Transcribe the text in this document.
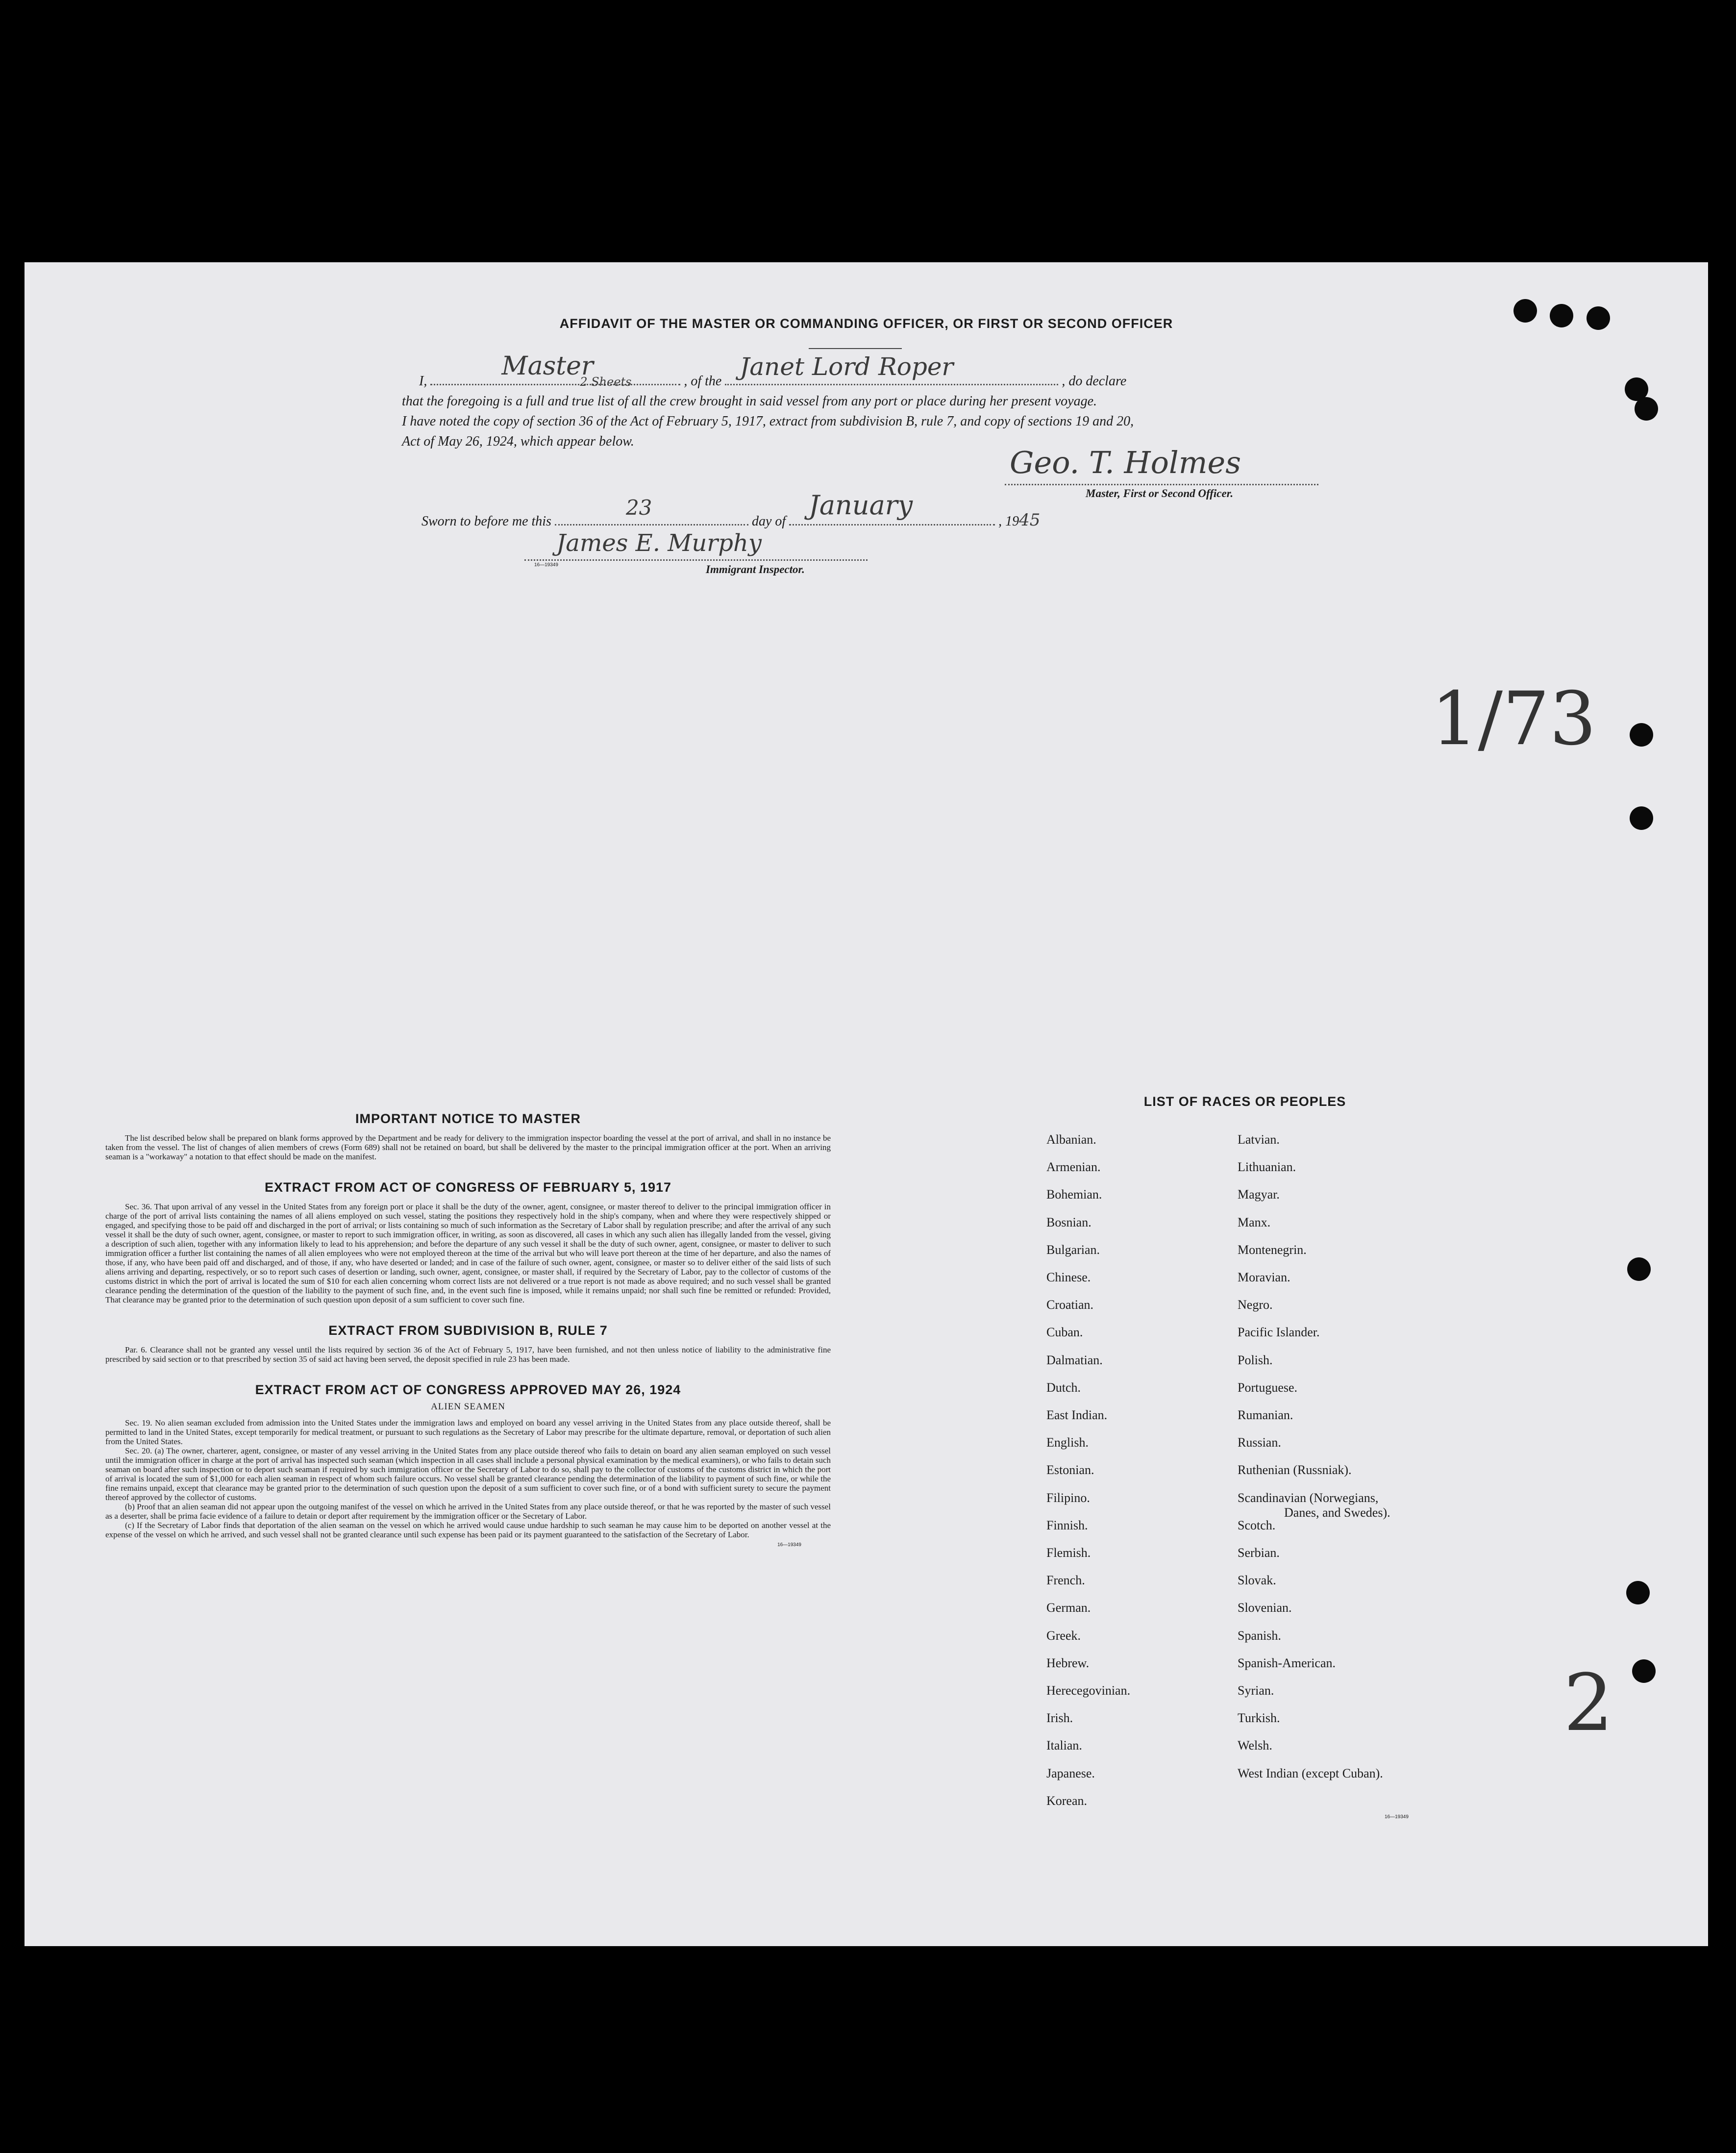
AFFIDAVIT OF THE MASTER OR COMMANDING OFFICER, OR FIRST OR SECOND OFFICER
I,
Master
2 Sheets	, of the
Janet Lord Roper
, do declare
that the foregoing is a full and true list of all the crew brought in said vessel from any port or place during her present voyage.
I have noted the copy of section 36 of the Act of February 5, 1917, extract from subdivision B, rule 7, and copy of sections 19 and 20,
Act of May 26, 1924, which appear below.
Geo. T. Holmes
Master, First or Second Officer.
Sworn to before me this
23
day of
January
, 1945
James E. Murphy
16—19349	Immigrant Inspector.
1/73
2
IMPORTANT NOTICE TO MASTER

The list described below shall be prepared on blank forms approved by the Department and be ready for delivery to the immigration inspector boarding the vessel at the port of arrival, and shall in no instance be taken from the vessel. The list of changes of alien members of crews (Form 689) shall not be retained on board, but shall be delivered by the master to the principal immigration officer at the port. When an arriving seaman is a "workaway" a notation to that effect should be made on the manifest.

EXTRACT FROM ACT OF CONGRESS OF FEBRUARY 5, 1917

Sec. 36. That upon arrival of any vessel in the United States from any foreign port or place it shall be the duty of the owner, agent, consignee, or master thereof to deliver to the principal immigration officer in charge of the port of arrival lists containing the names of all aliens employed on such vessel, stating the positions they respectively hold in the ship's company, when and where they were respectively shipped or engaged, and specifying those to be paid off and discharged in the port of arrival; or lists containing so much of such information as the Secretary of Labor shall by regulation prescribe; and after the arrival of any such vessel it shall be the duty of such owner, agent, consignee, or master to report to such immigration officer, in writing, as soon as discovered, all cases in which any such alien has illegally landed from the vessel, giving a description of such alien, together with any information likely to lead to his apprehension; and before the departure of any such vessel it shall be the duty of such owner, agent, consignee, or master to deliver to such immigration officer a further list containing the names of all alien employees who were not employed thereon at the time of the arrival but who will leave port thereon at the time of her departure, and also the names of those, if any, who have been paid off and discharged, and of those, if any, who have deserted or landed; and in case of the failure of such owner, agent, consignee, or master so to deliver either of the said lists of such aliens arriving and departing, respectively, or so to report such cases of desertion or landing, such owner, agent, consignee, or master shall, if required by the Secretary of Labor, pay to the collector of customs of the customs district in which the port of arrival is located the sum of $10 for each alien concerning whom correct lists are not delivered or a true report is not made as above required; and no such vessel shall be granted clearance pending the determination of the question of the liability to the payment of such fine, and, in the event such fine is imposed, while it remains unpaid; nor shall such fine be remitted or refunded: Provided, That clearance may be granted prior to the determination of such question upon deposit of a sum sufficient to cover such fine.

EXTRACT FROM SUBDIVISION B, RULE 7

Par. 6. Clearance shall not be granted any vessel until the lists required by section 36 of the Act of February 5, 1917, have been furnished, and not then unless notice of liability to the administrative fine prescribed by said section or to that prescribed by section 35 of said act having been served, the deposit specified in rule 23 has been made.

EXTRACT FROM ACT OF CONGRESS APPROVED MAY 26, 1924
ALIEN SEAMEN

Sec. 19. No alien seaman excluded from admission into the United States under the immigration laws and employed on board any vessel arriving in the United States from any place outside thereof, shall be permitted to land in the United States, except temporarily for medical treatment, or pursuant to such regulations as the Secretary of Labor may prescribe for the ultimate departure, removal, or deportation of such alien from the United States.

Sec. 20. (a) The owner, charterer, agent, consignee, or master of any vessel arriving in the United States from any place outside thereof who fails to detain on board any alien seaman employed on such vessel until the immigration officer in charge at the port of arrival has inspected such seaman (which inspection in all cases shall include a personal physical examination by the medical examiners), or who fails to detain such seaman on board after such inspection or to deport such seaman if required by such immigration officer or the Secretary of Labor to do so, shall pay to the collector of customs of the customs district in which the port of arrival is located the sum of $1,000 for each alien seaman in respect of whom such failure occurs. No vessel shall be granted clearance pending the determination of the liability to payment of such fine, or while the fine remains unpaid, except that clearance may be granted prior to the determination of such question upon the deposit of a sum sufficient to cover such fine, or of a bond with sufficient surety to secure the payment thereof approved by the collector of customs.

(b) Proof that an alien seaman did not appear upon the outgoing manifest of the vessel on which he arrived in the United States from any place outside thereof, or that he was reported by the master of such vessel as a deserter, shall be prima facie evidence of a failure to detain or deport after requirement by the immigration officer or the Secretary of Labor.

(c) If the Secretary of Labor finds that deportation of the alien seaman on the vessel on which he arrived would cause undue hardship to such seaman he may cause him to be deported on another vessel at the expense of the vessel on which he arrived, and such vessel shall not be granted clearance until such expense has been paid or its payment guaranteed to the satisfaction of the Secretary of Labor.

16—19349
LIST OF RACES OR PEOPLES
Danes, and Swedes).
16—19349
Albanian.
Armenian.
Bohemian.
Bosnian.
Bulgarian.
Chinese.
Croatian.
Cuban.
Dalmatian.
Dutch.
East Indian.
English.
Estonian.
Filipino.
Finnish.
Flemish.
French.
German.
Greek.
Hebrew.
Herecegovinian.
Irish.
Italian.
Japanese.
Korean.
Latvian.
Lithuanian.
Magyar.
Manx.
Montenegrin.
Moravian.
Negro.
Pacific Islander.
Polish.
Portuguese.
Rumanian.
Russian.
Ruthenian (Russniak).
Scandinavian (Norwegians,
Scotch.
Serbian.
Slovak.
Slovenian.
Spanish.
Spanish-American.
Syrian.
Turkish.
Welsh.
West Indian (except Cuban).
